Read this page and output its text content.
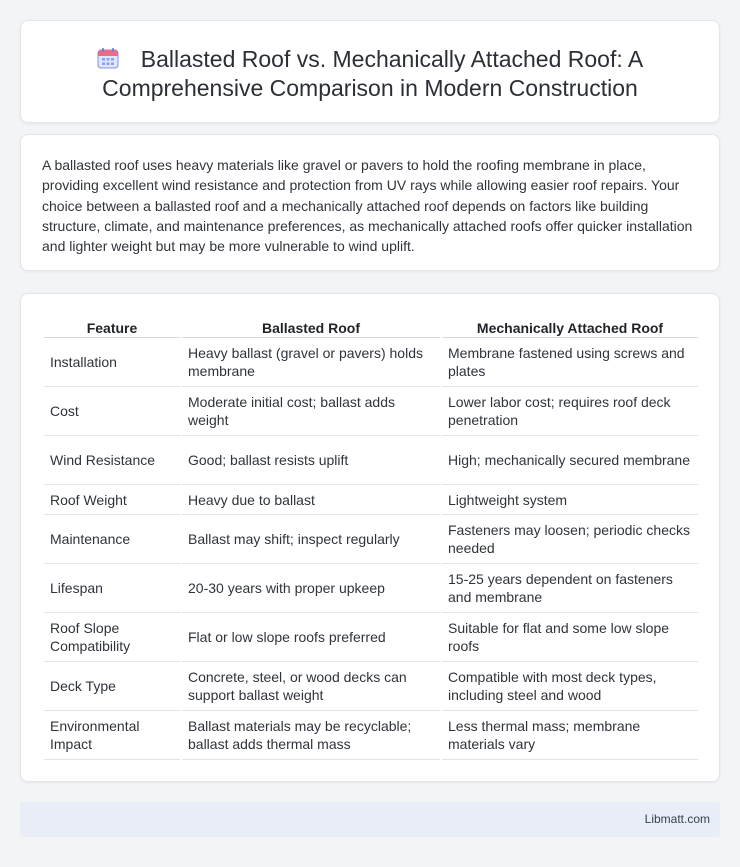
Ballasted Roof vs. Mechanically Attached Roof: A Comprehensive Comparison in Modern Construction

A ballasted roof uses heavy materials like gravel or pavers to hold the roofing membrane in place, providing excellent wind resistance and protection from UV rays while allowing easier roof repairs. Your choice between a ballasted roof and a mechanically attached roof depends on factors like building structure, climate, and maintenance preferences, as mechanically attached roofs offer quicker installation and lighter weight but may be more vulnerable to wind uplift.

Feature	Ballasted Roof	Mechanically Attached Roof
Installation	Heavy ballast (gravel or pavers) holds membrane	Membrane fastened using screws and plates
Cost	Moderate initial cost; ballast adds weight	Lower labor cost; requires roof deck penetration
Wind Resistance	Good; ballast resists uplift	High; mechanically secured membrane
Roof Weight	Heavy due to ballast	Lightweight system
Maintenance	Ballast may shift; inspect regularly	Fasteners may loosen; periodic checks needed
Lifespan	20-30 years with proper upkeep	15-25 years dependent on fasteners and membrane
Roof Slope Compatibility	Flat or low slope roofs preferred	Suitable for flat and some low slope roofs
Deck Type	Concrete, steel, or wood decks can support ballast weight	Compatible with most deck types, including steel and wood
Environmental Impact	Ballast materials may be recyclable; ballast adds thermal mass	Less thermal mass; membrane materials vary
Libmatt.com
